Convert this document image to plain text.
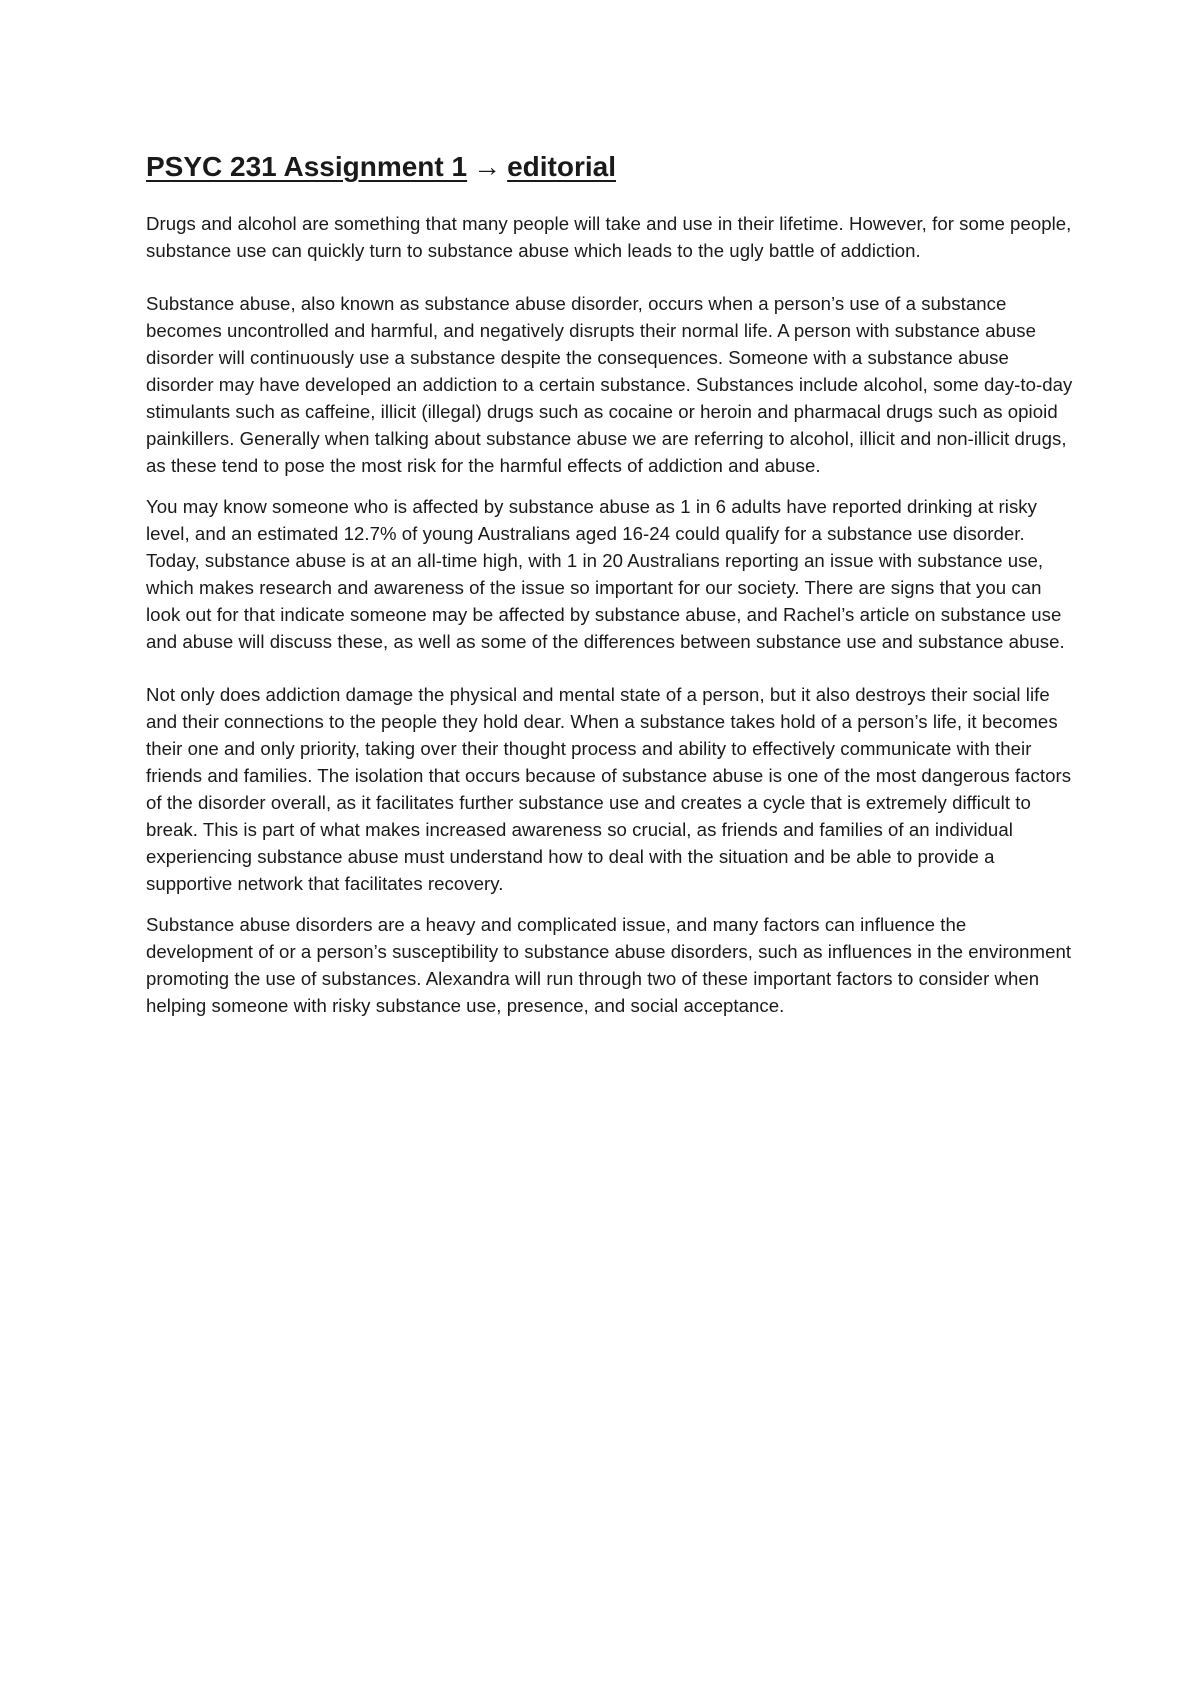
PSYC 231 Assignment 1 → editorial

Drugs and alcohol are something that many people will take and use in their lifetime. However, for some people, substance use can quickly turn to substance abuse which leads to the ugly battle of addiction.

Substance abuse, also known as substance abuse disorder, occurs when a person’s use of a substance becomes uncontrolled and harmful, and negatively disrupts their normal life. A person with substance abuse disorder will continuously use a substance despite the consequences. Someone with a substance abuse disorder may have developed an addiction to a certain substance. Substances include alcohol, some day-to-day stimulants such as caffeine, illicit (illegal) drugs such as cocaine or heroin and pharmacal drugs such as opioid painkillers. Generally when talking about substance abuse we are referring to alcohol, illicit and non-illicit drugs, as these tend to pose the most risk for the harmful effects of addiction and abuse.

You may know someone who is affected by substance abuse as 1 in 6 adults have reported drinking at risky level, and an estimated 12.7% of young Australians aged 16-24 could qualify for a substance use disorder. Today, substance abuse is at an all-time high, with 1 in 20 Australians reporting an issue with substance use, which makes research and awareness of the issue so important for our society. There are signs that you can look out for that indicate someone may be affected by substance abuse, and Rachel’s article on substance use and abuse will discuss these, as well as some of the differences between substance use and substance abuse.

Not only does addiction damage the physical and mental state of a person, but it also destroys their social life and their connections to the people they hold dear. When a substance takes hold of a person’s life, it becomes their one and only priority, taking over their thought process and ability to effectively communicate with their friends and families. The isolation that occurs because of substance abuse is one of the most dangerous factors of the disorder overall, as it facilitates further substance use and creates a cycle that is extremely difficult to break. This is part of what makes increased awareness so crucial, as friends and families of an individual experiencing substance abuse must understand how to deal with the situation and be able to provide a supportive network that facilitates recovery.

Substance abuse disorders are a heavy and complicated issue, and many factors can influence the development of or a person’s susceptibility to substance abuse disorders, such as influences in the environment promoting the use of substances. Alexandra will run through two of these important factors to consider when helping someone with risky substance use, presence, and social acceptance.
